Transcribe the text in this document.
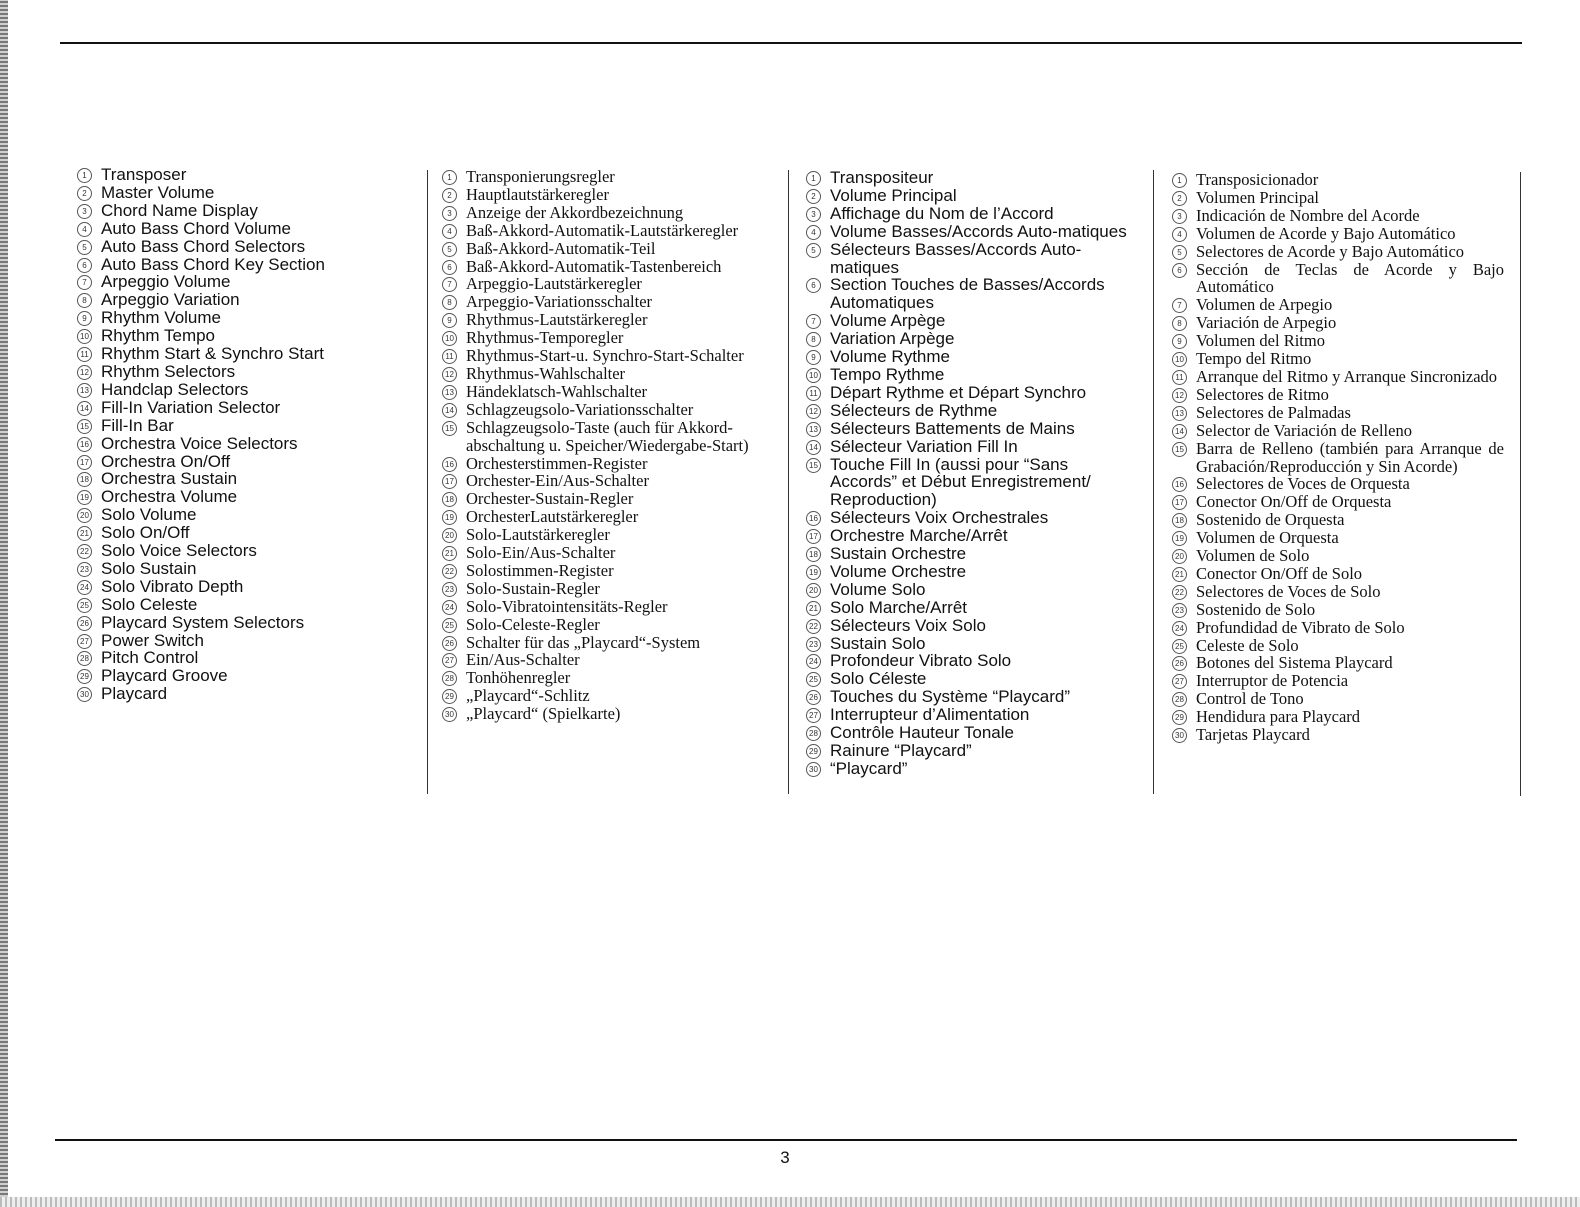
1 Transposer
2 Master Volume
3 Chord Name Display
4 Auto Bass Chord Volume
5 Auto Bass Chord Selectors
6 Auto Bass Chord Key Section
7 Arpeggio Volume
8 Arpeggio Variation
9 Rhythm Volume
10 Rhythm Tempo
11 Rhythm Start & Synchro Start
12 Rhythm Selectors
13 Handclap Selectors
14 Fill-In Variation Selector
15 Fill-In Bar
16 Orchestra Voice Selectors
17 Orchestra On/Off
18 Orchestra Sustain
19 Orchestra Volume
20 Solo Volume
21 Solo On/Off
22 Solo Voice Selectors
23 Solo Sustain
24 Solo Vibrato Depth
25 Solo Celeste
26 Playcard System Selectors
27 Power Switch
28 Pitch Control
29 Playcard Groove
30 Playcard
1 Transponierungsregler
2 Hauptlautstärkeregler
3 Anzeige der Akkordbezeichnung
4 Baß-Akkord-Automatik-Lautstärkeregler
5 Baß-Akkord-Automatik-Teil
6 Baß-Akkord-Automatik-Tastenbereich
7 Arpeggio-Lautstärkeregler
8 Arpeggio-Variationsschalter
9 Rhythmus-Lautstärkeregler
10 Rhythmus-Temporegler
11 Rhythmus-Start-u. Synchro-Start-Schalter
12 Rhythmus-Wahlschalter
13 Händeklatsch-Wahlschalter
14 Schlagzeugsolo-Variationsschalter
15 Schlagzeugsolo-Taste (auch für Akkord-abschaltung u. Speicher/Wiedergabe-Start)
16 Orchesterstimmen-Register
17 Orchester-Ein/Aus-Schalter
18 Orchester-Sustain-Regler
19 OrchesterLautstärkeregler
20 Solo-Lautstärkeregler
21 Solo-Ein/Aus-Schalter
22 Solostimmen-Register
23 Solo-Sustain-Regler
24 Solo-Vibratointensitäts-Regler
25 Solo-Celeste-Regler
26 Schalter für das „Playcard“-System
27 Ein/Aus-Schalter
28 Tonhöhenregler
29 „Playcard“-Schlitz
30 „Playcard“ (Spielkarte)
1 Transpositeur
2 Volume Principal
3 Affichage du Nom de l’Accord
4 Volume Basses/Accords Auto-matiques
5 Sélecteurs Basses/Accords Auto-matiques
6 Section Touches de Basses/Accords Automatiques
7 Volume Arpège
8 Variation Arpège
9 Volume Rythme
10 Tempo Rythme
11 Départ Rythme et Départ Synchro
12 Sélecteurs de Rythme
13 Sélecteurs Battements de Mains
14 Sélecteur Variation Fill In
15 Touche Fill In (aussi pour “Sans Accords” et Début Enregistrement/ Reproduction)
16 Sélecteurs Voix Orchestrales
17 Orchestre Marche/Arrêt
18 Sustain Orchestre
19 Volume Orchestre
20 Volume Solo
21 Solo Marche/Arrêt
22 Sélecteurs Voix Solo
23 Sustain Solo
24 Profondeur Vibrato Solo
25 Solo Céleste
26 Touches du Système “Playcard”
27 Interrupteur d’Alimentation
28 Contrôle Hauteur Tonale
29 Rainure “Playcard”
30 “Playcard”
1 Transposicionador
2 Volumen Principal
3 Indicación de Nombre del Acorde
4 Volumen de Acorde y Bajo Automático
5 Selectores de Acorde y Bajo Automático
6 Sección de Teclas de Acorde y Bajo Automático
7 Volumen de Arpegio
8 Variación de Arpegio
9 Volumen del Ritmo
10 Tempo del Ritmo
11 Arranque del Ritmo y Arranque Sincronizado
12 Selectores de Ritmo
13 Selectores de Palmadas
14 Selector de Variación de Relleno
15 Barra de Relleno (también para Arranque de Grabación/Reproducción y Sin Acorde)
16 Selectores de Voces de Orquesta
17 Conector On/Off de Orquesta
18 Sostenido de Orquesta
19 Volumen de Orquesta
20 Volumen de Solo
21 Conector On/Off de Solo
22 Selectores de Voces de Solo
23 Sostenido de Solo
24 Profundidad de Vibrato de Solo
25 Celeste de Solo
26 Botones del Sistema Playcard
27 Interruptor de Potencia
28 Control de Tono
29 Hendidura para Playcard
30 Tarjetas Playcard
3
